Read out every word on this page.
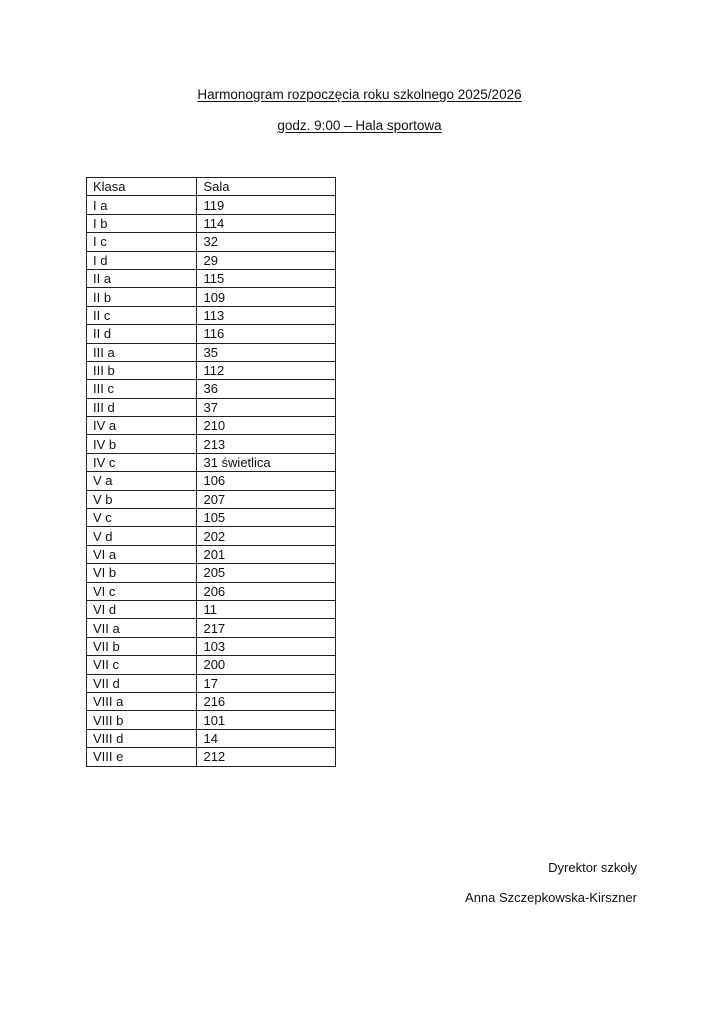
Harmonogram rozpoczęcia roku szkolnego 2025/2026
godz. 9:00 – Hala sportowa
Klasa	Sala
I a	119
I b	114
I c	32
I d	29
II a	115
II b	109
II c	113
II d	116
III a	35
III b	112
III c	36
III d	37
IV a	210
IV b	213
IV c	31 świetlica
V a	106
V b	207
V c	105
V d	202
VI a	201
VI b	205
VI c	206
VI d	11
VII a	217
VII b	103
VII c	200
VII d	17
VIII a	216
VIII b	101
VIII d	14
VIII e	212
Dyrektor szkoły
Anna Szczepkowska-Kirszner
